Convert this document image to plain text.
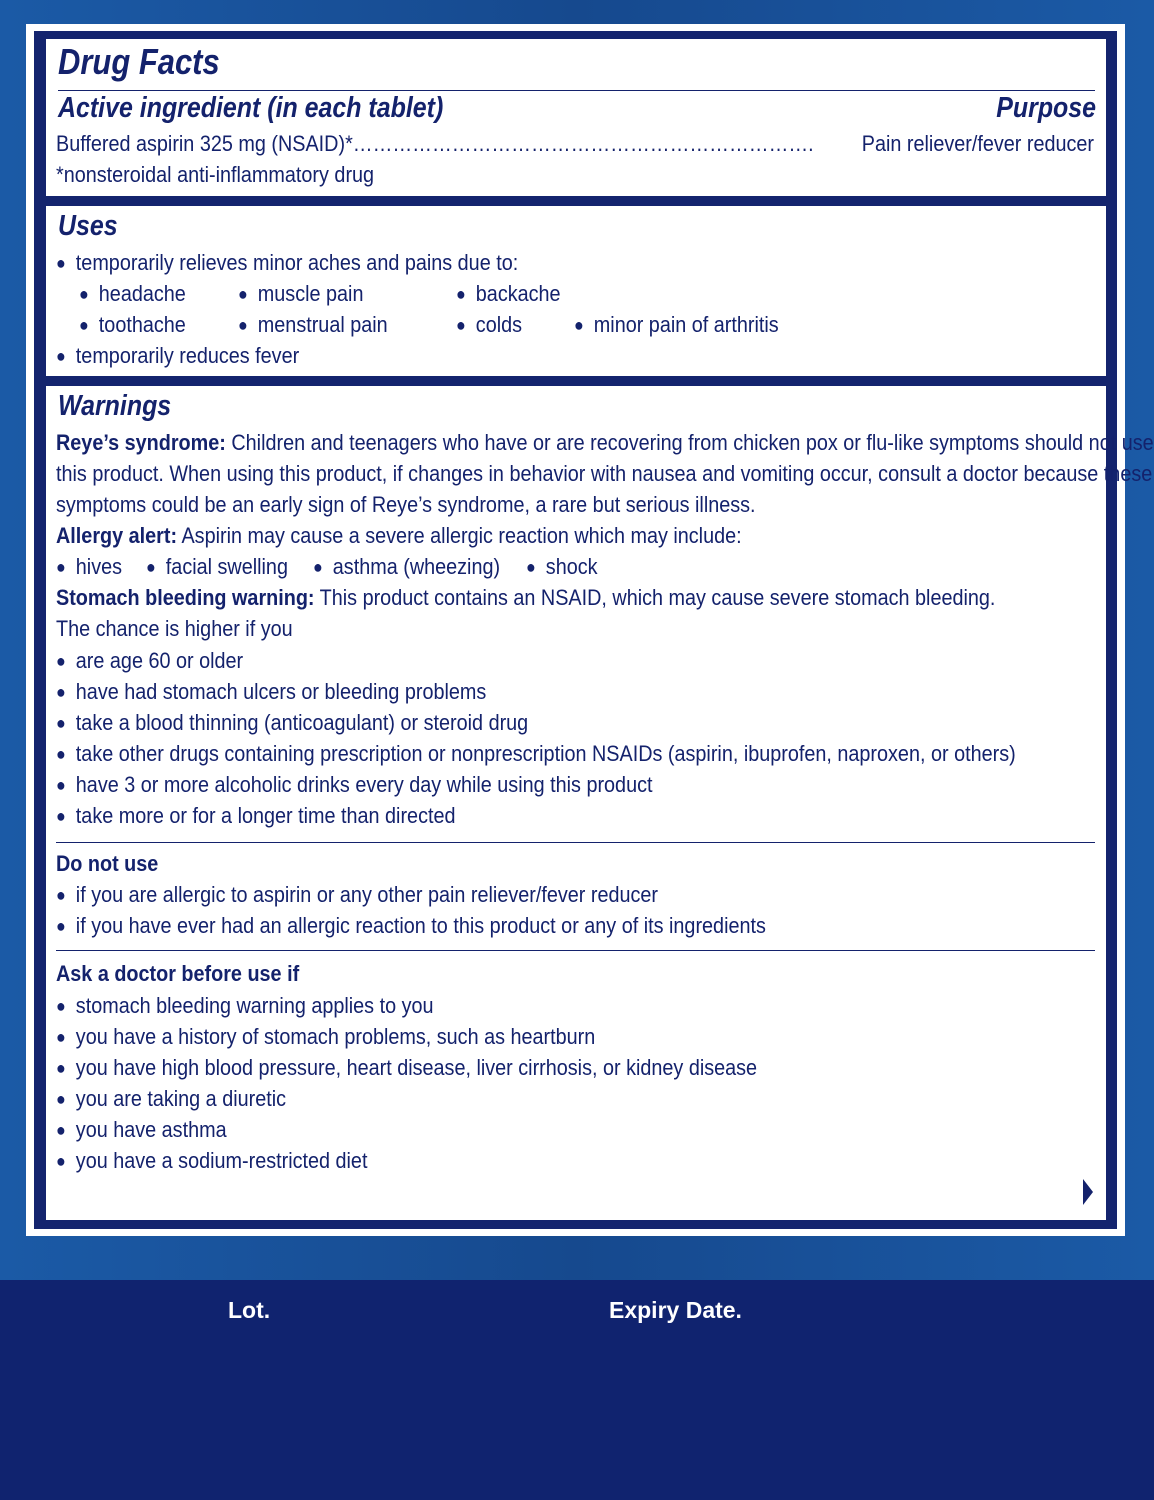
Lot.	Expiry Date.
Drug Facts
Active ingredient (in each tablet)	Purpose
Buffered aspirin 325 mg (NSAID)*……………………………………………………………. Pain reliever/fever reducer
*nonsteroidal anti-inflammatory drug
Uses
● temporarily relieves minor aches and pains due to:
● headache	● muscle pain	● backache
● toothache	● menstrual pain	● colds	● minor pain of arthritis
● temporarily reduces fever
Warnings
Reye’s syndrome: Children and teenagers who have or are recovering from chicken pox or flu-like symptoms should not use
this product. When using this product, if changes in behavior with nausea and vomiting occur, consult a doctor because these
symptoms could be an early sign of Reye’s syndrome, a rare but serious illness.
Allergy alert: Aspirin may cause a severe allergic reaction which may include:
● hives	● facial swelling	● asthma (wheezing)	● shock
Stomach bleeding warning: This product contains an NSAID, which may cause severe stomach bleeding.
The chance is higher if you
● are age 60 or older
● have had stomach ulcers or bleeding problems
● take a blood thinning (anticoagulant) or steroid drug
● take other drugs containing prescription or nonprescription NSAIDs (aspirin, ibuprofen, naproxen, or others)
● have 3 or more alcoholic drinks every day while using this product
● take more or for a longer time than directed
Do not use
● if you are allergic to aspirin or any other pain reliever/fever reducer
● if you have ever had an allergic reaction to this product or any of its ingredients
Ask a doctor before use if
● stomach bleeding warning applies to you
● you have a history of stomach problems, such as heartburn
● you have high blood pressure, heart disease, liver cirrhosis, or kidney disease
● you are taking a diuretic
● you have asthma
● you have a sodium-restricted diet
